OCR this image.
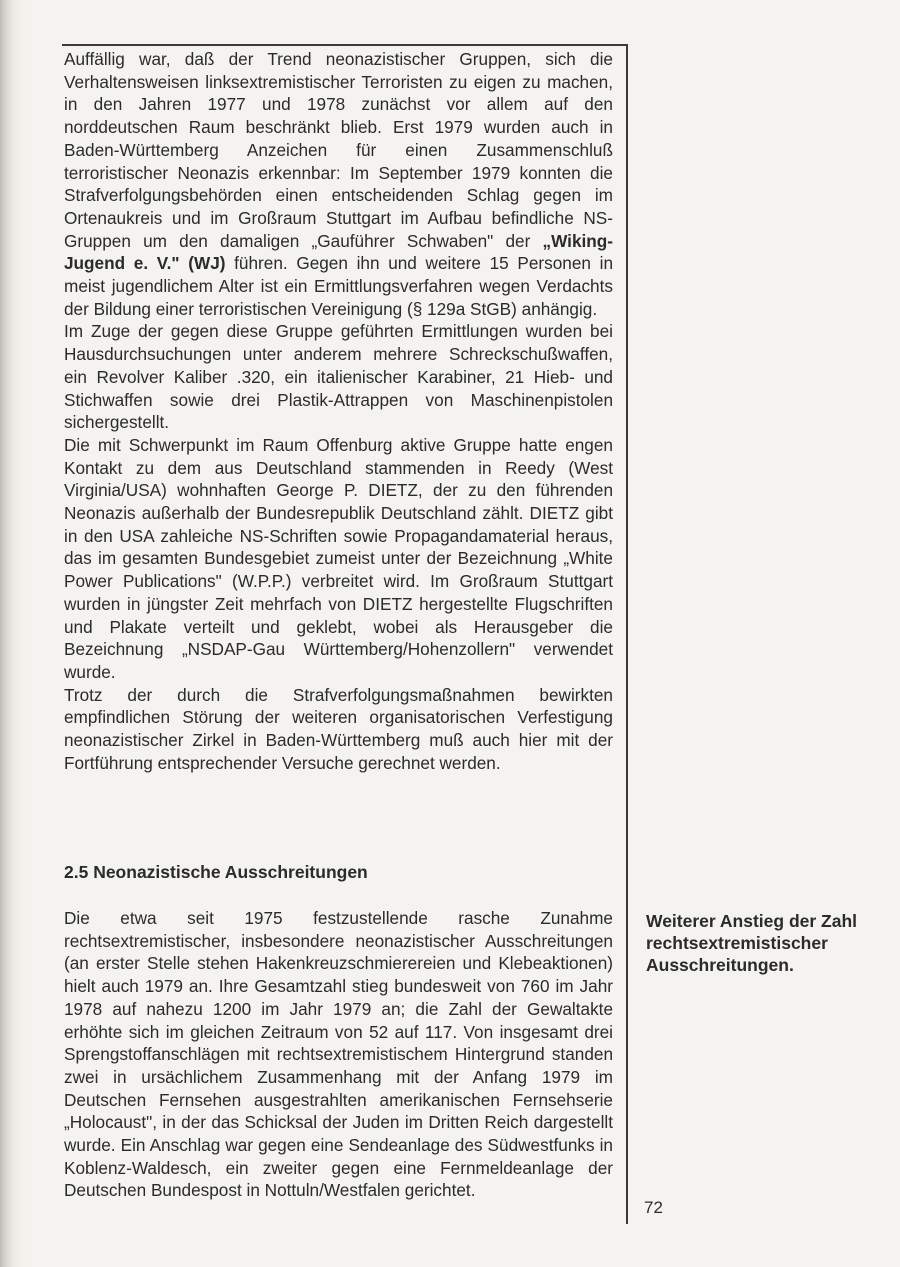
Auffällig war, daß der Trend neonazistischer Gruppen, sich die Verhaltensweisen linksextremistischer Terroristen zu eigen zu machen, in den Jahren 1977 und 1978 zunächst vor allem auf den norddeutschen Raum beschränkt blieb. Erst 1979 wurden auch in Baden-Württemberg Anzeichen für einen Zusammenschluß terroristischer Neonazis erkennbar: Im September 1979 konnten die Strafverfolgungsbehörden einen entscheidenden Schlag gegen im Ortenaukreis und im Großraum Stuttgart im Aufbau befindliche NS-Gruppen um den damaligen „Gauführer Schwaben" der „Wiking-Jugend e. V." (WJ) führen. Gegen ihn und weitere 15 Personen in meist jugendlichem Alter ist ein Ermittlungsverfahren wegen Verdachts der Bildung einer terroristischen Vereinigung (§ 129a StGB) anhängig.

Im Zuge der gegen diese Gruppe geführten Ermittlungen wurden bei Hausdurchsuchungen unter anderem mehrere Schreckschußwaffen, ein Revolver Kaliber .320, ein italienischer Karabiner, 21 Hieb- und Stichwaffen sowie drei Plastik-Attrappen von Maschinenpistolen sichergestellt.

Die mit Schwerpunkt im Raum Offenburg aktive Gruppe hatte engen Kontakt zu dem aus Deutschland stammenden in Reedy (West Virginia/USA) wohnhaften George P. DIETZ, der zu den führenden Neonazis außerhalb der Bundesrepublik Deutschland zählt. DIETZ gibt in den USA zahleiche NS-Schriften sowie Propagandamaterial heraus, das im gesamten Bundesgebiet zumeist unter der Bezeichnung „White Power Publications" (W.P.P.) verbreitet wird. Im Großraum Stuttgart wurden in jüngster Zeit mehrfach von DIETZ hergestellte Flugschriften und Plakate verteilt und geklebt, wobei als Herausgeber die Bezeichnung „NSDAP-Gau Württemberg/Hohenzollern" verwendet wurde.

Trotz der durch die Strafverfolgungsmaßnahmen bewirkten empfindlichen Störung der weiteren organisatorischen Verfestigung neonazistischer Zirkel in Baden-Württemberg muß auch hier mit der Fortführung entsprechender Versuche gerechnet werden.

2.5 Neonazistische Ausschreitungen

Die etwa seit 1975 festzustellende rasche Zunahme rechtsextremistischer, insbesondere neonazistischer Ausschreitungen (an erster Stelle stehen Hakenkreuzschmierereien und Klebeaktionen) hielt auch 1979 an. Ihre Gesamtzahl stieg bundesweit von 760 im Jahr 1978 auf nahezu 1200 im Jahr 1979 an; die Zahl der Gewaltakte erhöhte sich im gleichen Zeitraum von 52 auf 117. Von insgesamt drei Sprengstoffanschlägen mit rechtsextremistischem Hintergrund standen zwei in ursächlichem Zusammenhang mit der Anfang 1979 im Deutschen Fernsehen ausgestrahlten amerikanischen Fernsehserie „Holocaust", in der das Schicksal der Juden im Dritten Reich dargestellt wurde. Ein Anschlag war gegen eine Sendeanlage des Südwestfunks in Koblenz-Waldesch, ein zweiter gegen eine Fernmeldeanlage der Deutschen Bundespost in Nottuln/Westfalen gerichtet.

Weiterer Anstieg der Zahl rechtsextremistischer Ausschreitungen.
72
